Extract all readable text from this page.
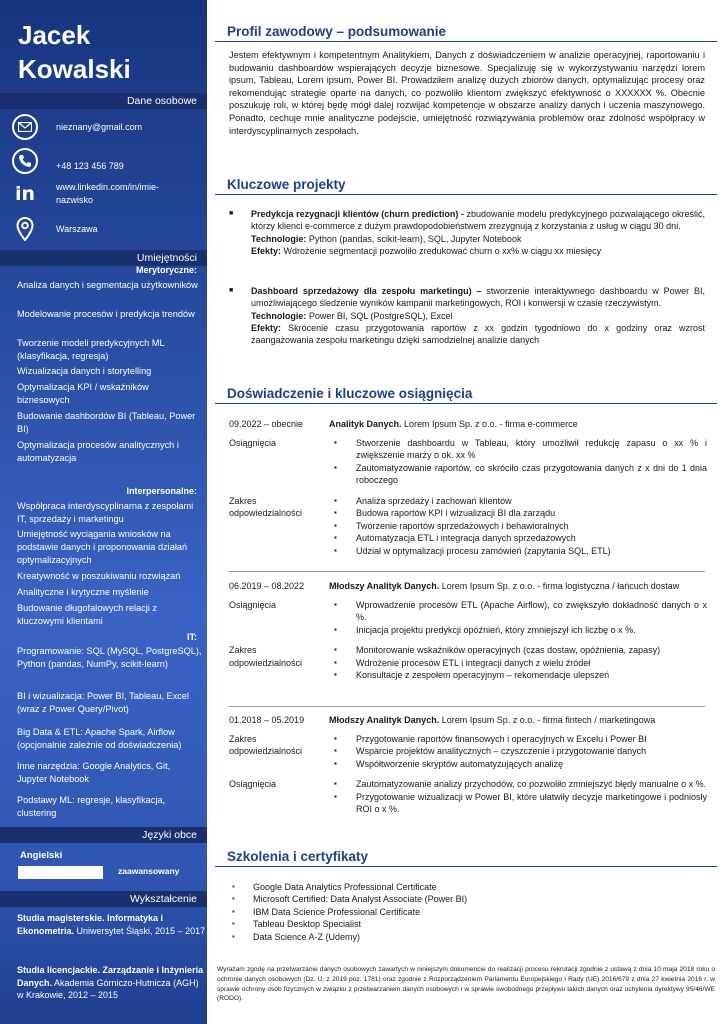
Jacek
Kowalski
Dane osobowe
nieznany@gmail.com
+48 123 456 789
in	www.linkedin.com/in/imie-nazwisko
Warszawa
Umiejętności
Merytoryczne:
Analiza danych i segmentacja użytkowników
Modelowanie procesów i predykcja trendów
Tworzenie modeli predykcyjnych ML (klasyfikacja, regresja)
Wizualizacja danych i storytelling
Optymalizacja KPI / wskaźników biznesowych
Budowanie dashbordów BI (Tableau, Power BI)
Optymalizacja procesów analitycznych i automatyzacja
Interpersonalne:
Współpraca interdyscyplinarna z zespołami IT, sprzedaży i marketingu
Umiejętność wyciągania wniosków na podstawie danych i proponowania działań optymalizacyjnych
Kreatywność w poszukiwaniu rozwiązań
Analityczne i krytyczne myślenie
Budowanie długofalowych relacji z kluczowymi klientami
IT:
Programowanie: SQL (MySQL, PostgreSQL), Python (pandas, NumPy, scikit-learn)
BI i wizualizacja: Power BI, Tableau, Excel (wraz z Power Query/Pivot)
Big Data & ETL: Apache Spark, Airflow (opcjonalnie zależnie od doświadczenia)
Inne narzędzia: Google Analytics, Git, Jupyter Notebook
Podstawy ML: regresje, klasyfikacja, clustering
Języki obce
Angielski
zaawansowany
Wykształcenie
Studia magisterskie. Informatyka i Ekonometria. Uniwersytet Śląski, 2015 – 2017
Studia licencjackie. Zarządzanie i Inżynieria Danych. Akademia Górniczo-Hutnicza (AGH) w Krakowie, 2012 – 2015
Profil zawodowy – podsumowanie
Jestem efektywnym i kompetentnym Analitykiem, Danych z doświadczeniem w analizie operacyjnej, raportowaniu i budowaniu dashboardów wspierających decyzje biznesowe. Specjalizuję się w wykorzystywaniu narzędzi lorem ipsum, Tableau, Lorem ipsum, Power BI. Prowadziłem analizę dużych zbiorów danych, optymalizując procesy oraz rekomendując strategie oparte na danych, co pozwoliło klientom zwiększyć efektywność o XXXXXX %. Obecnie poszukuję roli, w której będę mógł dalej rozwijać kompetencje w obszarze analizy danych i uczenia maszynowego. Ponadto, cechuje mnie analityczne podejście, umiejętność rozwiązywania problemów oraz zdolność współpracy w interdyscyplinarnych zespołach.
Kluczowe projekty
■	Predykcja rezygnacji klientów (churn prediction) - zbudowanie modelu predykcyjnego pozwalającego określić, którzy klienci e-commerce z dużym prawdopodobieństwem zrezygnują z korzystania z usług w ciągu 30 dni.
Technologie: Python (pandas, scikit-learn), SQL, Jupyter Notebook
Efekty: Wdrożenie segmentacji pozwoliło zredukować churn o xx% w ciągu xx miesięcy
■	Dashboard sprzedażowy dla zespołu marketingu) – stworzenie interaktywnego dashboardu w Power BI, umożliwiającego śledzenie wyników kampanii marketingowych, ROI i konwersji w czasie rzeczywistym.
Technologie: Power BI, SQL (PostgreSQL), Excel
Efekty: Skrócenie czasu przygotowania raportów z xx godzin tygodniowo do x godziny oraz wzrost zaangażowania zespołu marketingu dzięki samodzielnej analizie danych
Doświadczenie i kluczowe osiągnięcia
09.2022 – obecnie	Analityk Danych. Lorem Ipsum Sp. z o.o. - firma e-commerce
Osiągnięcia	▪ Stworzenie dashboardu w Tableau, który umożliwił redukcję zapasu o xx % i zwiększenie marży o ok. xx %
▪ Zautomatyzowanie raportów, co skróciło czas przygotowania danych z x dni do 1 dnia roboczego
Zakres odpowiedzialności
▪ Analiza sprzedaży i zachowań klientów
▪ Budowa raportów KPI i wizualizacji BI dla zarządu
▪ Tworzenie raportów sprzedażowych i behawioralnych
▪ Automatyzacja ETL i integracja danych sprzedażowych
▪ Udział w optymalizacji procesu zamówień (zapytania SQL, ETL)
06.2019 – 08.2022	Młodszy Analityk Danych. Lorem Ipsum Sp. z o.o. - firma logistyczna / łańcuch dostaw
Osiągnięcia	▪ Wprowadzenie procesów ETL (Apache Airflow), co zwiększyło dokładność danych o x %.
▪ Inicjacja projektu predykcji opóźnień, który zmniejszył ich liczbę o x %.
Zakres odpowiedzialności
▪ Monitorowanie wskaźników operacyjnych (czas dostaw, opóźnienia, zapasy)
▪ Wdrożenie procesów ETL i integracji danych z wielu źródeł
▪ Konsultacje z zespołem operacyjnym – rekomendacje ulepszeń
01.2018 – 05.2019	Młodszy Analityk Danych. Lorem Ipsum Sp. z o.o. - firma fintech / marketingowa
Zakres odpowiedzialności
▪ Przygotowanie raportów finansowych i operacyjnych w Excelu i Power BI
▪ Wsparcie projektów analitycznych – czyszczenie i przygotowanie danych
▪ Współtworzenie skryptów automatyzujących analizę
Osiągnięcia	▪ Zautomatyzowanie analizy przychodów, co pozwoliło zmniejszyć błędy manualne o x %.
▪ Przygotowanie wizualizacji w Power BI, które ułatwiły decyzje marketingowe i podniosły ROI o x %.
Szkolenia i certyfikaty
▪ Google Data Analytics Professional Certificate
▪ Microsoft Certified: Data Analyst Associate (Power BI)
▪ IBM Data Science Professional Certificate
▪ Tableau Desktop Specialist
▪ Data Science A-Z (Udemy)
Wyrażam zgodę na przetwarzanie danych osobowych zawartych w niniejszym dokumencie do realizacji procesu rekrutacji zgodnie z ustawą z dnia 10 maja 2018 roku o ochronie danych osobowych (Dz. U. z 2019 poz. 1781) oraz zgodnie z Rozporządzeniem Parlamentu Europejskiego i Rady (UE) 2016/679 z dnia 27 kwietnia 2016 r. w sprawie ochrony osób fizycznych w związku z przetwarzaniem danych osobowych i w sprawie swobodnego przepływu takich danych oraz uchylenia dyrektywy 95/46/WE (RODO).
